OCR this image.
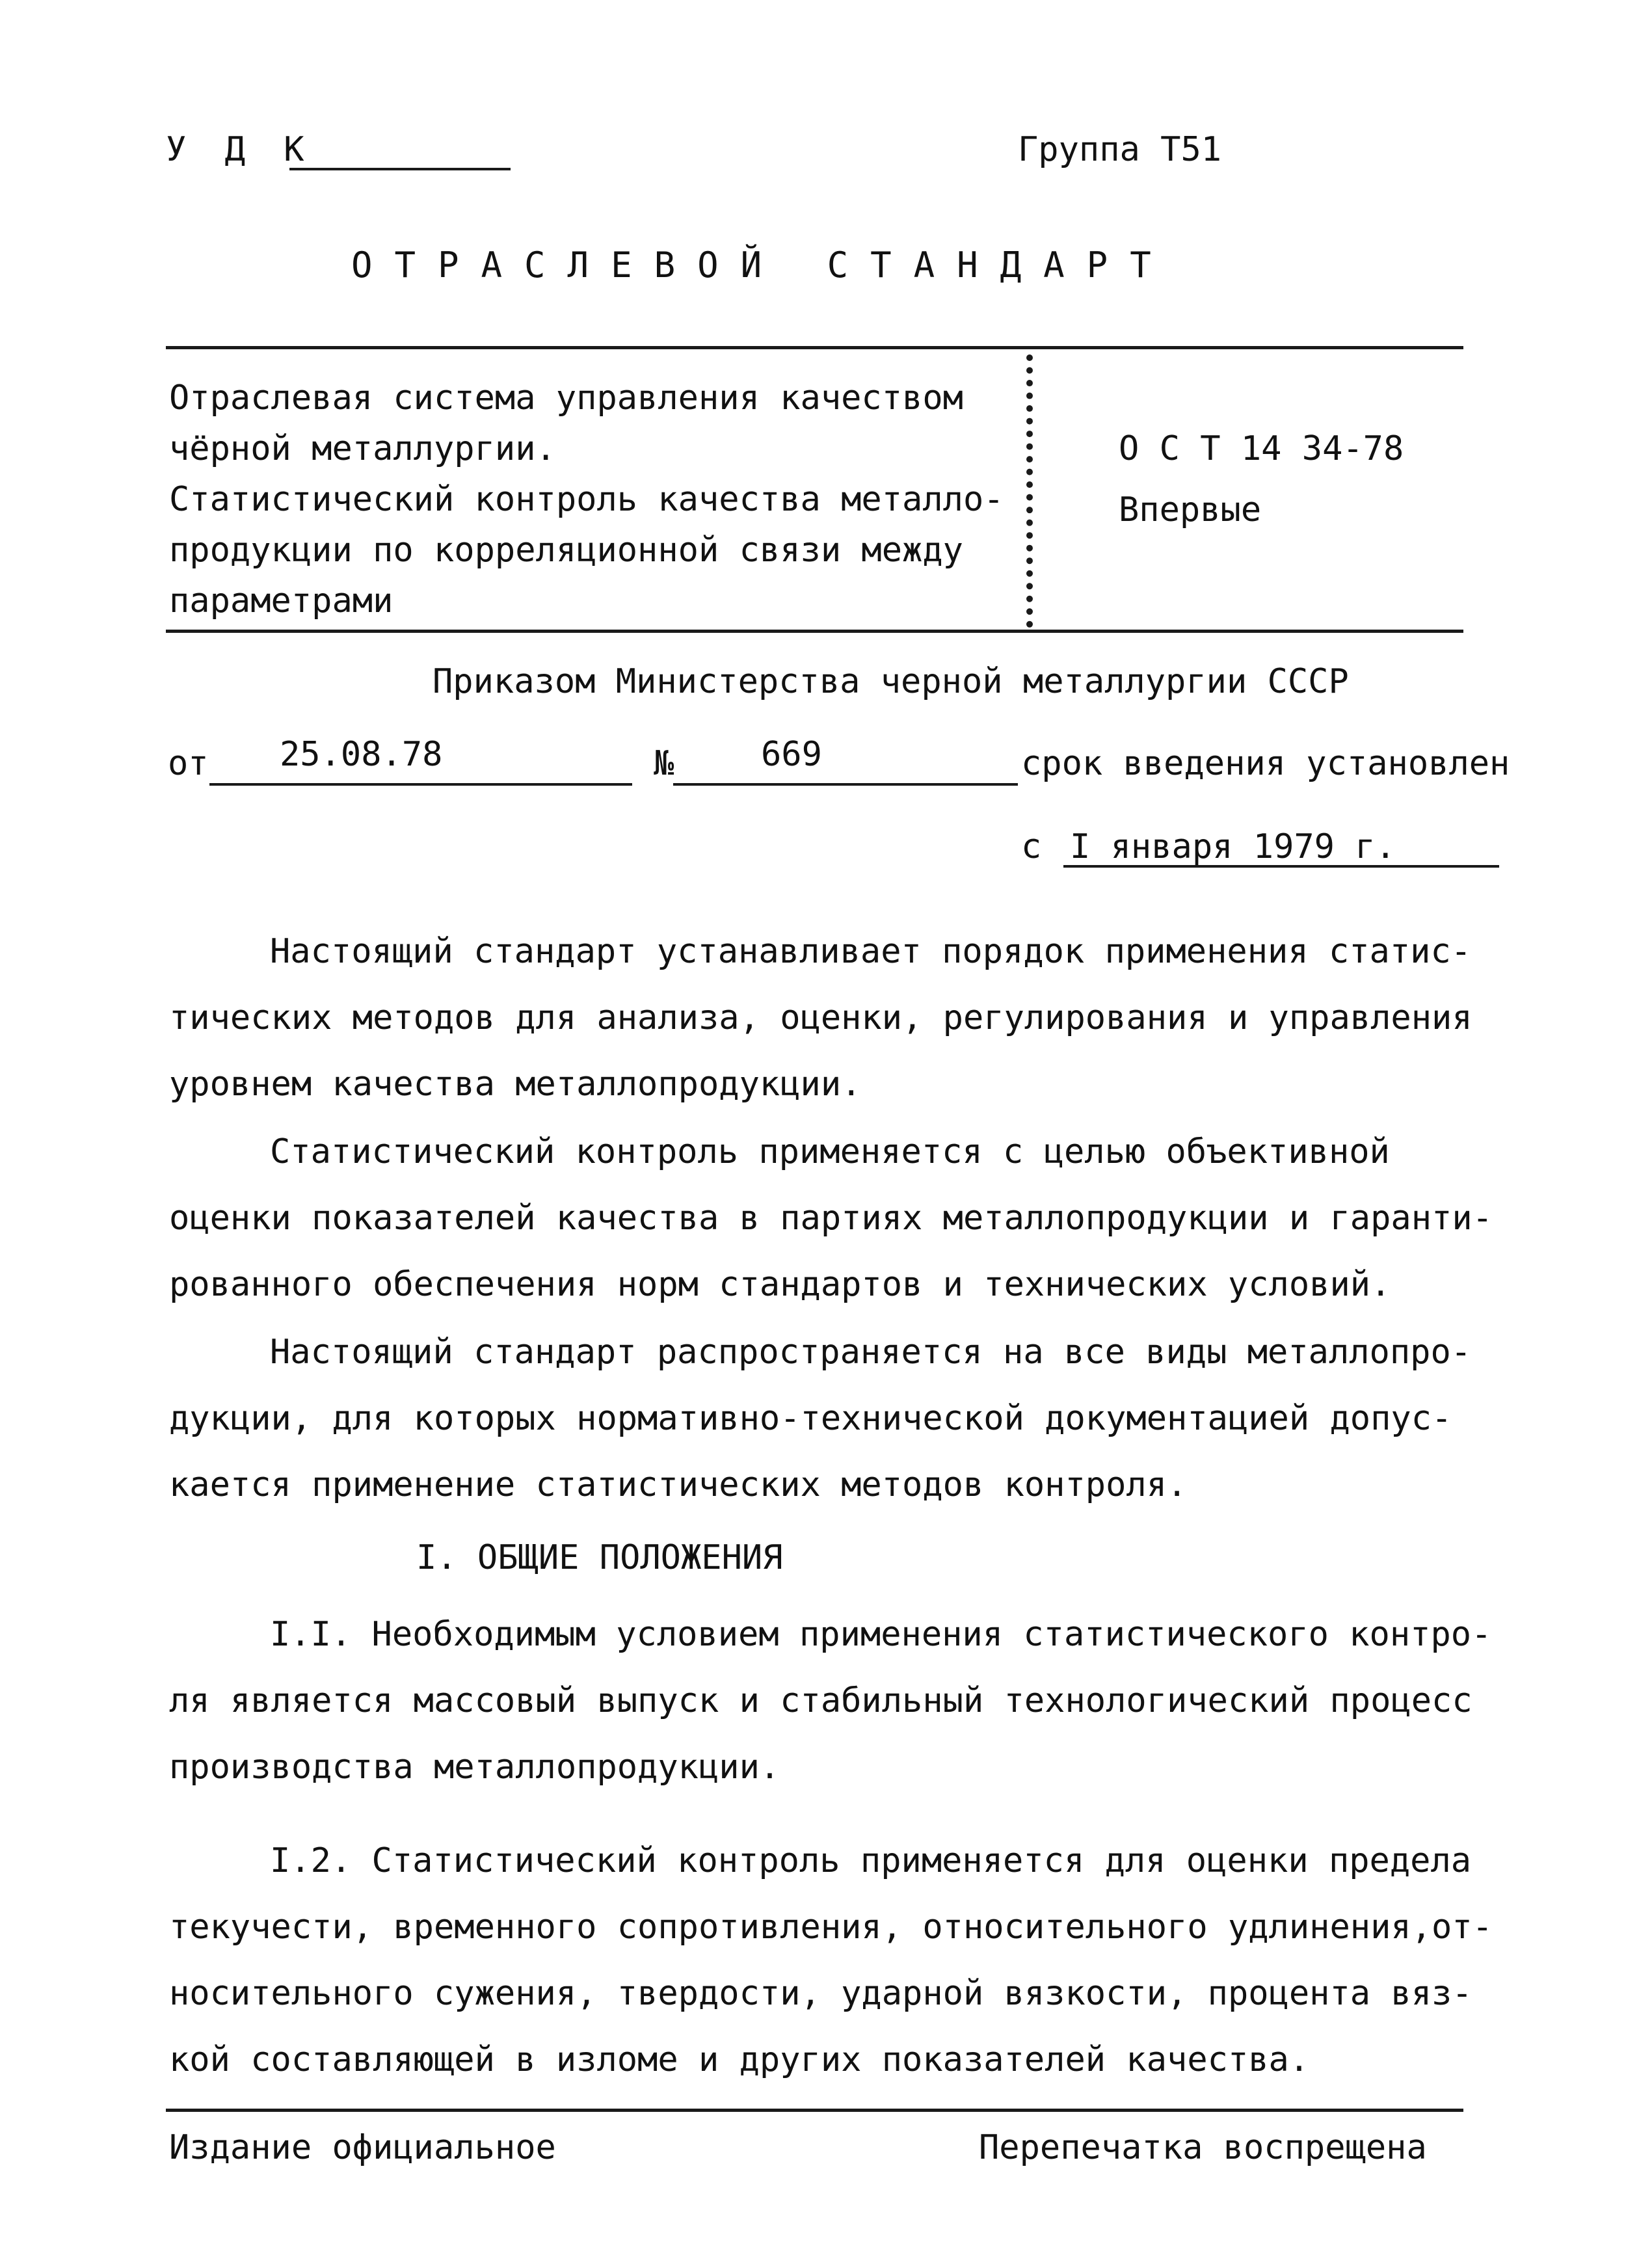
У Д К	Группа Т51
ОТРАСЛЕВОЙ СТАНДАРТ
Отраслевая система управления качеством
чёрной металлургии.
Статистический контроль качества металло-
продукции по корреляционной связи между
параметрами
О С Т 14 34-78
Впервые
Приказом Министерства черной металлургии СССР
от 25.08.78	№	669	срок введения установлен
с I января 1979 г.
Настоящий стандарт устанавливает порядок применения статис-
тических методов для анализа, оценки, регулирования и управления
уровнем качества металлопродукции.
Статистический контроль применяется с целью объективной
оценки показателей качества в партиях металлопродукции и гаранти-
рованного обеспечения норм стандартов и технических условий.
Настоящий стандарт распространяется на все виды металлопро-
дукции, для которых нормативно-технической документацией допус-
кается применение статистических методов контроля.
I. ОБЩИЕ ПОЛОЖЕНИЯ
I.I. Необходимым условием применения статистического контро-
ля является массовый выпуск и стабильный технологический процесс
производства металлопродукции.
I.2. Статистический контроль применяется для оценки предела
текучести, временного сопротивления, относительного удлинения,от-
носительного сужения, твердости, ударной вязкости, процента вяз-
кой составляющей в изломе и других показателей качества.
Издание официальное	Перепечатка воспрещена
